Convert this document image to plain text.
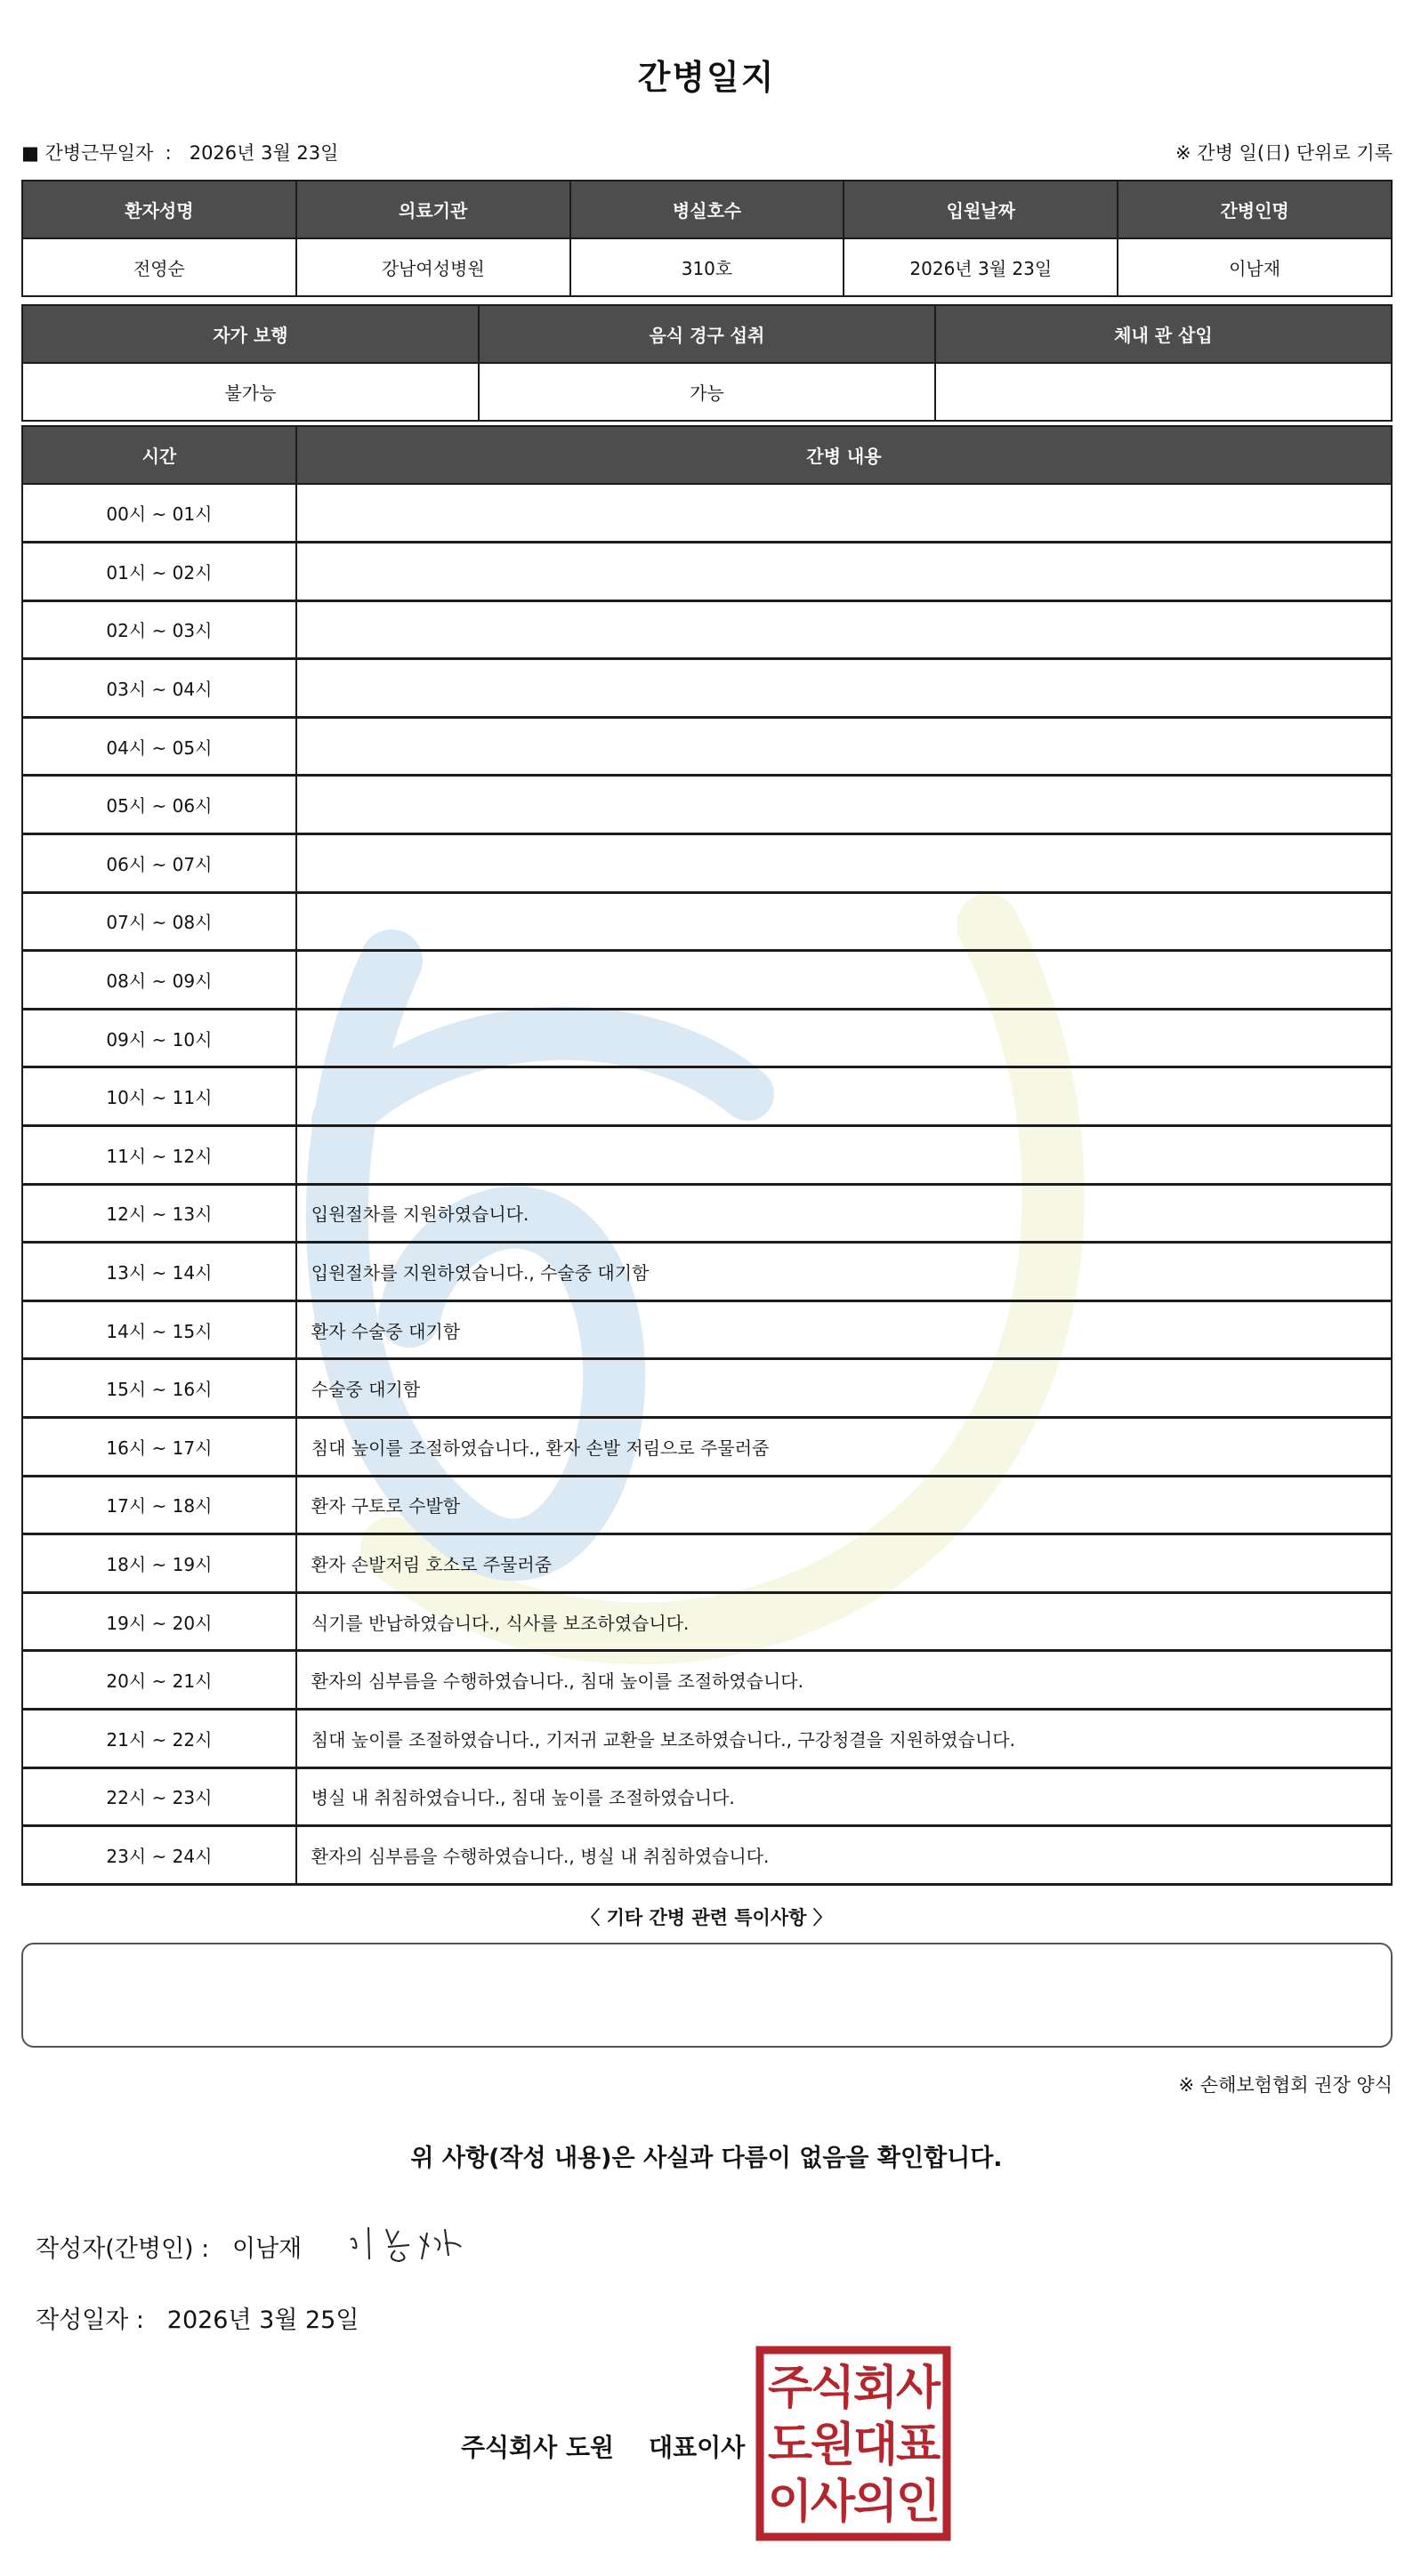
간병일지
■ 간병근무일자 : 2026년 3월 23일	※ 간병 일(日) 단위로 기록
환자성명	의료기관	병실호수	입원날짜	간병인명
전영순	강남여성병원	310호	2026년 3월 23일	이남재
자가 보행	음식 경구 섭취	체내 관 삽입
불가능	가능	
시간	간병 내용
00시 ~ 01시	
01시 ~ 02시	
02시 ~ 03시	
03시 ~ 04시	
04시 ~ 05시	
05시 ~ 06시	
06시 ~ 07시	
07시 ~ 08시	
08시 ~ 09시	
09시 ~ 10시	
10시 ~ 11시	
11시 ~ 12시	
12시 ~ 13시	입원절차를 지원하였습니다.
13시 ~ 14시	입원절차를 지원하였습니다., 수술중 대기함
14시 ~ 15시	환자 수술중 대기함
15시 ~ 16시	수술중 대기함
16시 ~ 17시	침대 높이를 조절하였습니다., 환자 손발 저림으로 주물러줌
17시 ~ 18시	환자 구토로 수발함
18시 ~ 19시	환자 손발저림 호소로 주물러줌
19시 ~ 20시	식기를 반납하였습니다., 식사를 보조하였습니다.
20시 ~ 21시	환자의 심부름을 수행하였습니다., 침대 높이를 조절하였습니다.
21시 ~ 22시	침대 높이를 조절하였습니다., 기저귀 교환을 보조하였습니다., 구강청결을 지원하였습니다.
22시 ~ 23시	병실 내 취침하였습니다., 침대 높이를 조절하였습니다.
23시 ~ 24시	환자의 심부름을 수행하였습니다., 병실 내 취침하였습니다.
〈 기타 간병 관련 특이사항 〉
※ 손해보험협회 권장 양식
위 사항(작성 내용)은 사실과 다름이 없음을 확인합니다.
작성자(간병인) : 이남재
작성일자 : 2026년 3월 25일
주식회사 도원 대표이사
주
식
회
사
도
원
대
표
이
사
의
인
